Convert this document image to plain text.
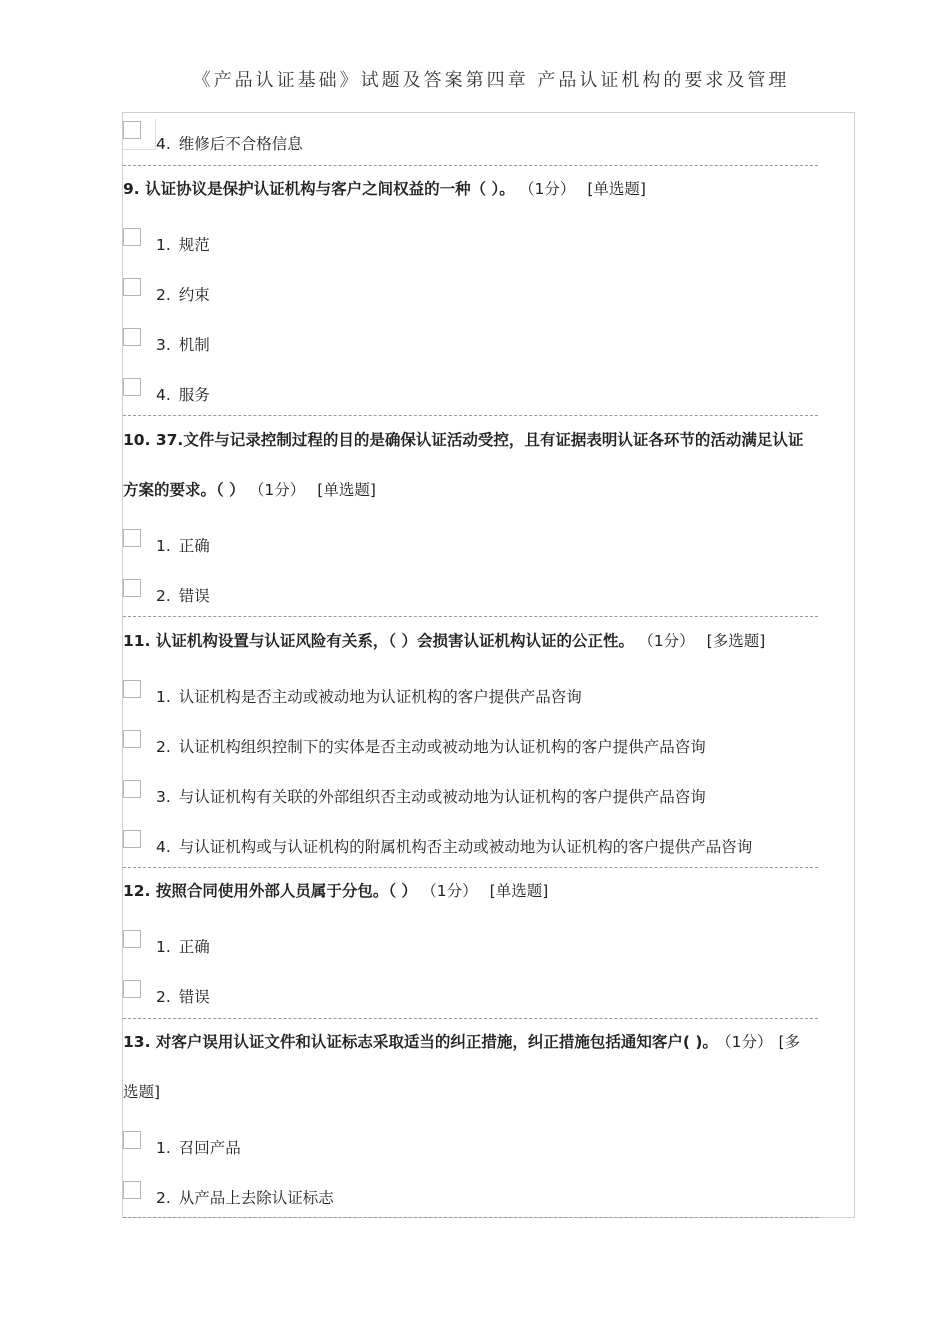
《产品认证基础》试题及答案第四章 产品认证机构的要求及管理
4. 维修后不合格信息
9. 认证协议是保护认证机构与客户之间权益的一种（ ）。 （1分） [单选题]
1. 规范
2. 约束
3. 机制
4. 服务
10. 37.文件与记录控制过程的目的是确保认证活动受控，且有证据表明认证各环节的活动满足认证
方案的要求。（ ） （1分） [单选题]
1. 正确
2. 错误
11. 认证机构设置与认证风险有关系，（ ）会损害认证机构认证的公正性。 （1分） [多选题]
1. 认证机构是否主动或被动地为认证机构的客户提供产品咨询
2. 认证机构组织控制下的实体是否主动或被动地为认证机构的客户提供产品咨询
3. 与认证机构有关联的外部组织否主动或被动地为认证机构的客户提供产品咨询
4. 与认证机构或与认证机构的附属机构否主动或被动地为认证机构的客户提供产品咨询
12. 按照合同使用外部人员属于分包。（ ） （1分） [单选题]
1. 正确
2. 错误
13. 对客户误用认证文件和认证标志采取适当的纠正措施，纠正措施包括通知客户( )。 （1分） [多
选题]
1. 召回产品
2. 从产品上去除认证标志
